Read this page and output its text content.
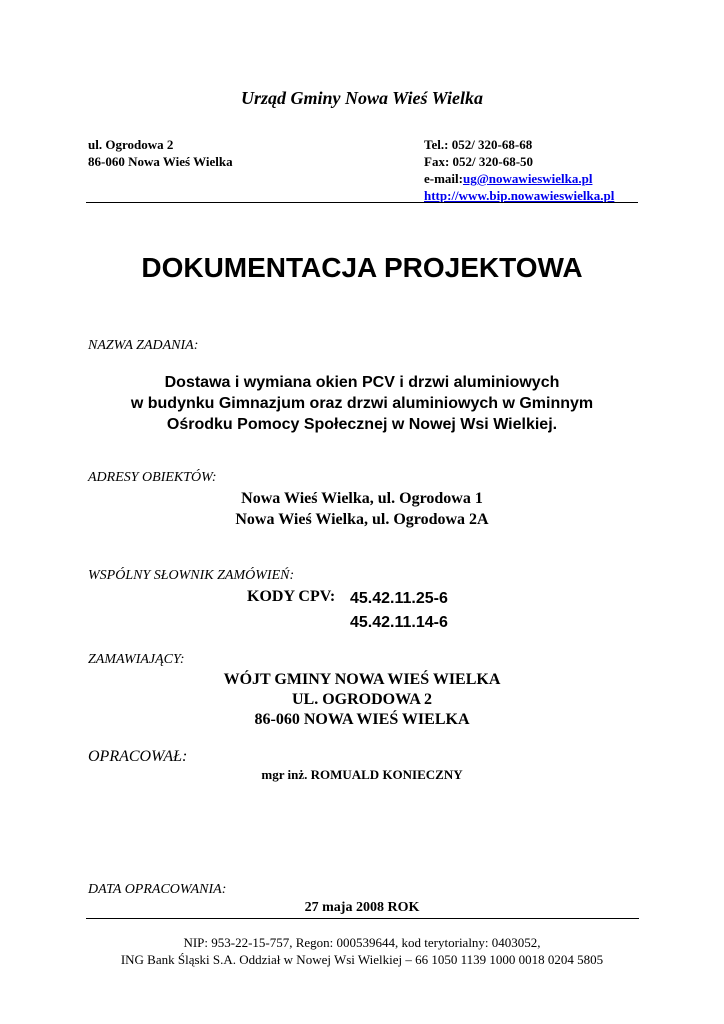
Urząd Gminy Nowa Wieś Wielka
ul. Ogrodowa 2
86-060 Nowa Wieś Wielka
Tel.: 052/ 320-68-68
Fax: 052/ 320-68-50
e-mail:ug@nowawieswielka.pl
http://www.bip.nowawieswielka.pl
DOKUMENTACJA PROJEKTOWA
NAZWA ZADANIA:
Dostawa i wymiana okien PCV i drzwi aluminiowych
w budynku Gimnazjum oraz drzwi aluminiowych w Gminnym
Ośrodku Pomocy Społecznej w Nowej Wsi Wielkiej.
ADRESY OBIEKTÓW:
Nowa Wieś Wielka, ul. Ogrodowa 1
Nowa Wieś Wielka, ul. Ogrodowa 2A
WSPÓLNY SŁOWNIK ZAMÓWIEŃ:
KODY CPV: 45.42.11.25-6
45.42.11.14-6
ZAMAWIAJĄCY:
WÓJT GMINY NOWA WIEŚ WIELKA
UL. OGRODOWA 2
86-060 NOWA WIEŚ WIELKA
OPRACOWAŁ:
mgr inż. ROMUALD KONIECZNY
DATA OPRACOWANIA:
27 maja 2008 ROK
NIP: 953-22-15-757, Regon: 000539644, kod terytorialny: 0403052,
ING Bank Śląski S.A. Oddział w Nowej Wsi Wielkiej – 66 1050 1139 1000 0018 0204 5805
